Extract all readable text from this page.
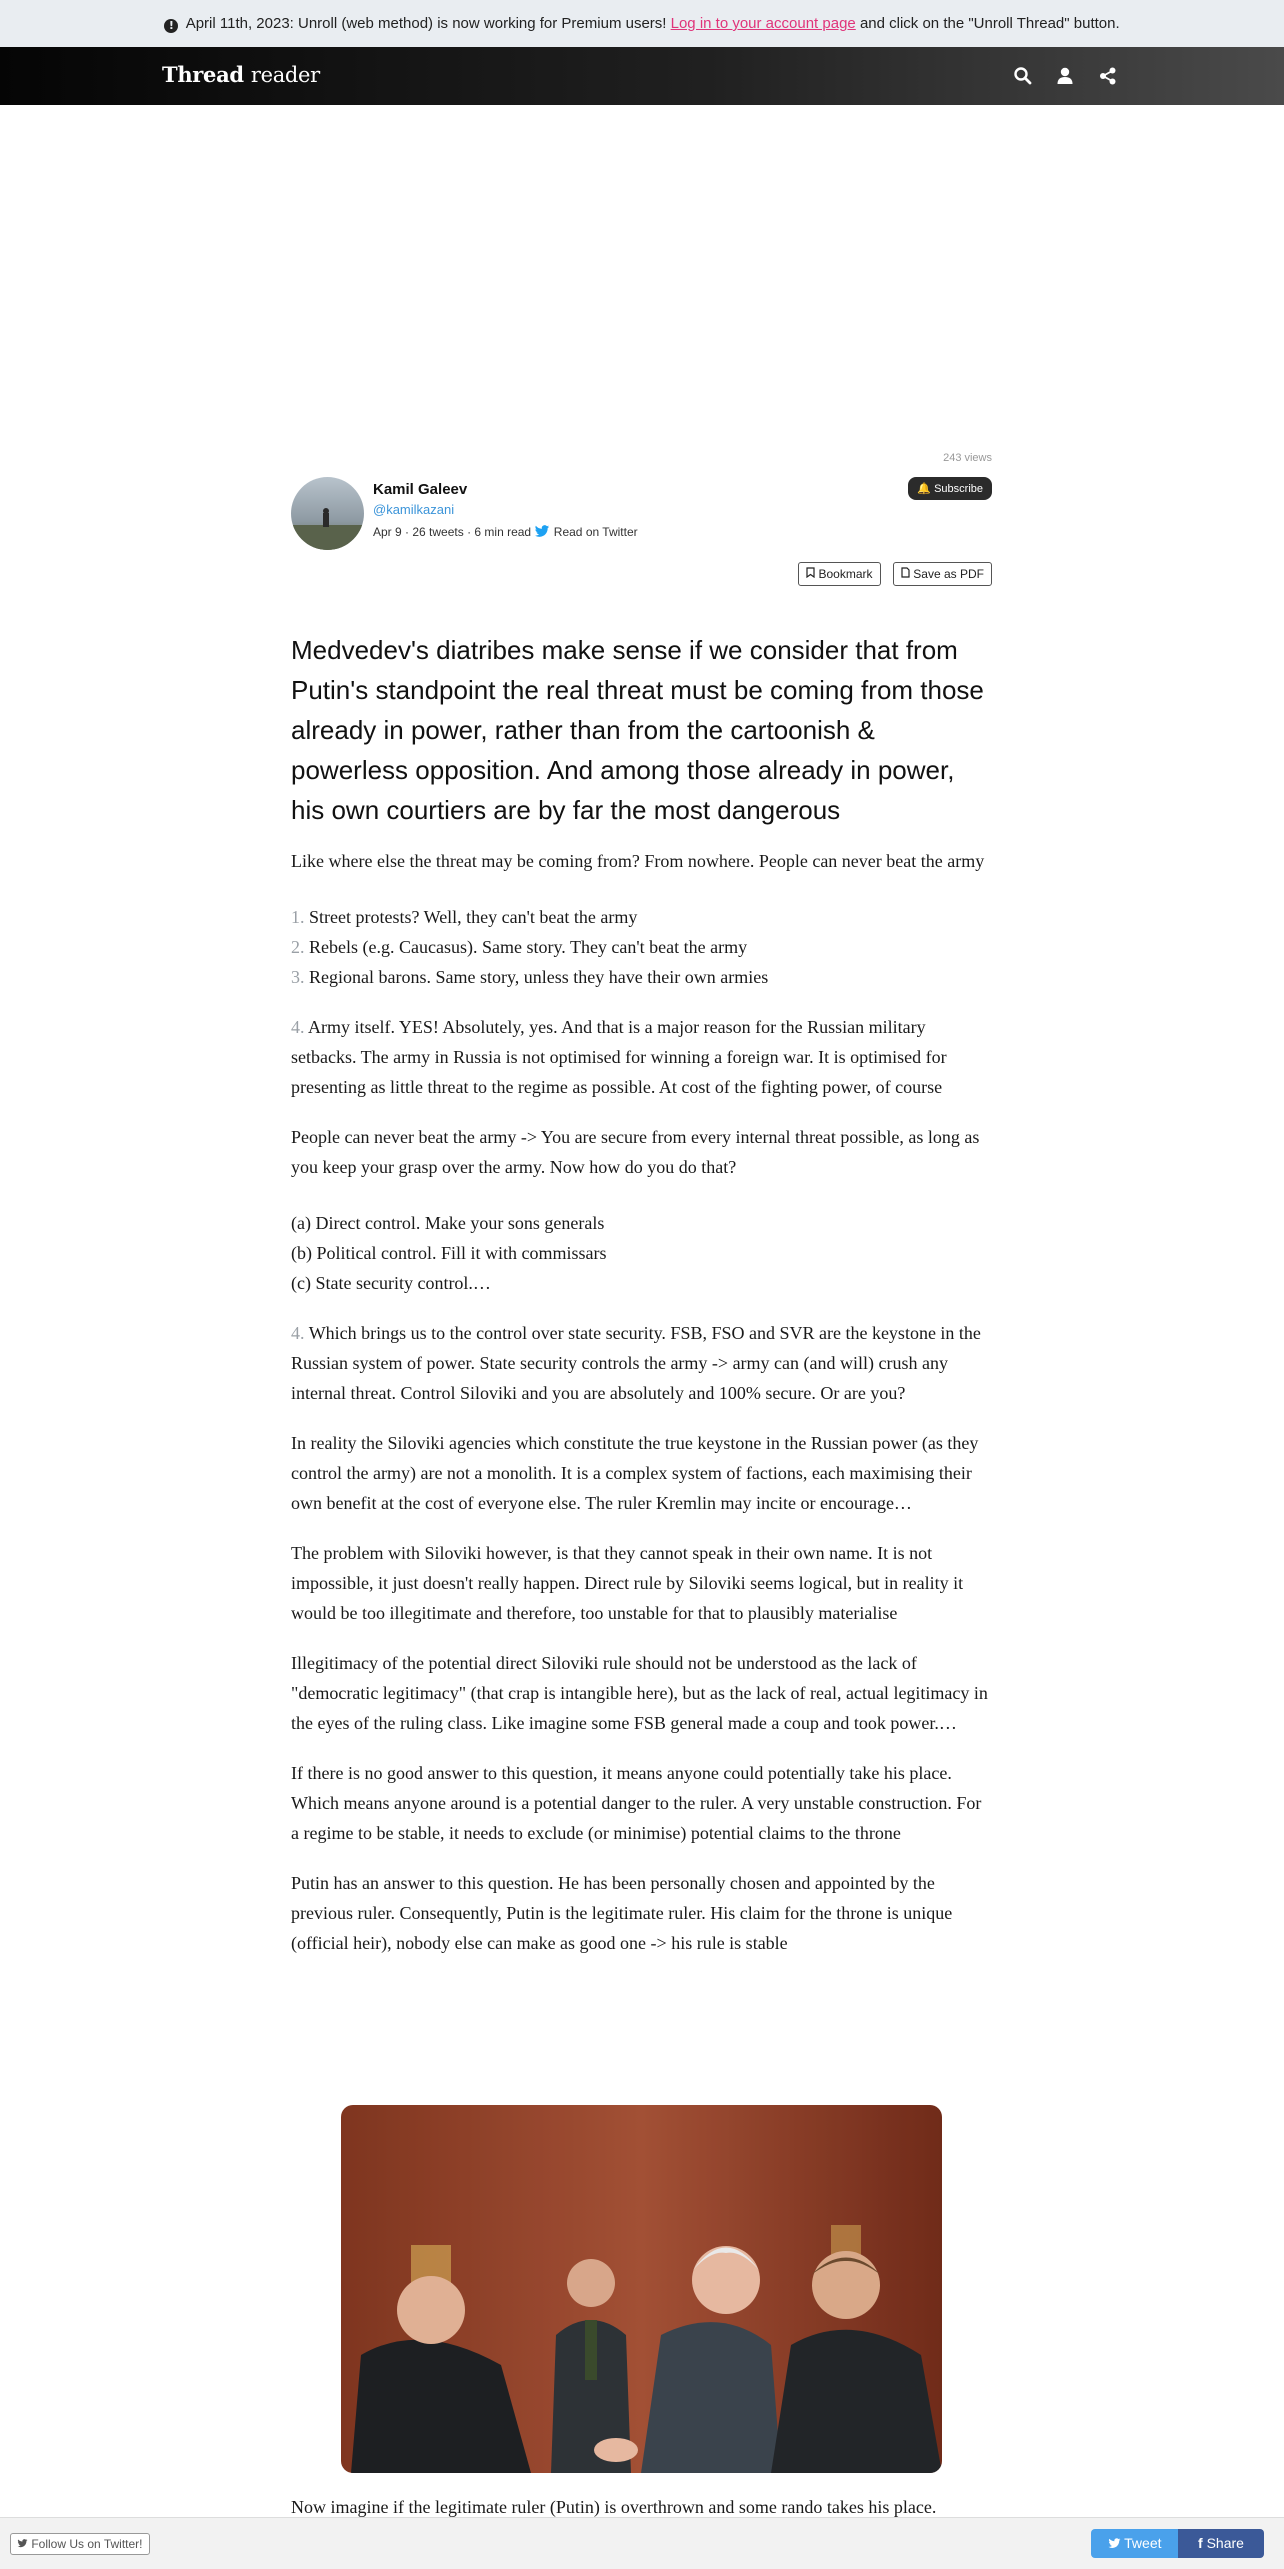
! April 11th, 2023: Unroll (web method) is now working for Premium users! Log in to your account page and click on the "Unroll Thread" button.
Thread reader
243 views
Kamil Galeev
@kamilkazani
Apr 9 · 26 tweets · 6 min read Read on Twitter
🔔 Subscribe
Bookmark	Save as PDF
Medvedev's diatribes make sense if we consider that from Putin's standpoint the real threat must be coming from those already in power, rather than from the cartoonish & powerless opposition. And among those already in power, his own courtiers are by far the most dangerous

Like where else the threat may be coming from? From nowhere. People can never beat the army

1. Street protests? Well, they can't beat the army
2. Rebels (e.g. Caucasus). Same story. They can't beat the army
3. Regional barons. Same story, unless they have their own armies

4. Army itself. YES! Absolutely, yes. And that is a major reason for the Russian military setbacks. The army in Russia is not optimised for winning a foreign war. It is optimised for presenting as little threat to the regime as possible. At cost of the fighting power, of course

People can never beat the army -> You are secure from every internal threat possible, as long as you keep your grasp over the army. Now how do you do that?

(a) Direct control. Make your sons generals
(b) Political control. Fill it with commissars
(c) State security control.…

4. Which brings us to the control over state security. FSB, FSO and SVR are the keystone in the Russian system of power. State security controls the army -> army can (and will) crush any internal threat. Control Siloviki and you are absolutely and 100% secure. Or are you?

In reality the Siloviki agencies which constitute the true keystone in the Russian power (as they control the army) are not a monolith. It is a complex system of factions, each maximising their own benefit at the cost of everyone else. The ruler Kremlin may incite or encourage…

The problem with Siloviki however, is that they cannot speak in their own name. It is not impossible, it just doesn't really happen. Direct rule by Siloviki seems logical, but in reality it would be too illegitimate and therefore, too unstable for that to plausibly materialise

Illegitimacy of the potential direct Siloviki rule should not be understood as the lack of "democratic legitimacy" (that crap is intangible here), but as the lack of real, actual legitimacy in the eyes of the ruling class. Like imagine some FSB general made a coup and took power.…

If there is no good answer to this question, it means anyone could potentially take his place. Which means anyone around is a potential danger to the ruler. A very unstable construction. For a regime to be stable, it needs to exclude (or minimise) potential claims to the throne

Putin has an answer to this question. He has been personally chosen and appointed by the previous ruler. Consequently, Putin is the legitimate ruler. His claim for the throne is unique (official heir), nobody else can make as good one -> his rule is stable

Now imagine if the legitimate ruler (Putin) is overthrown and some rando takes his place.
Follow Us on Twitter!	Tweet	f Share
